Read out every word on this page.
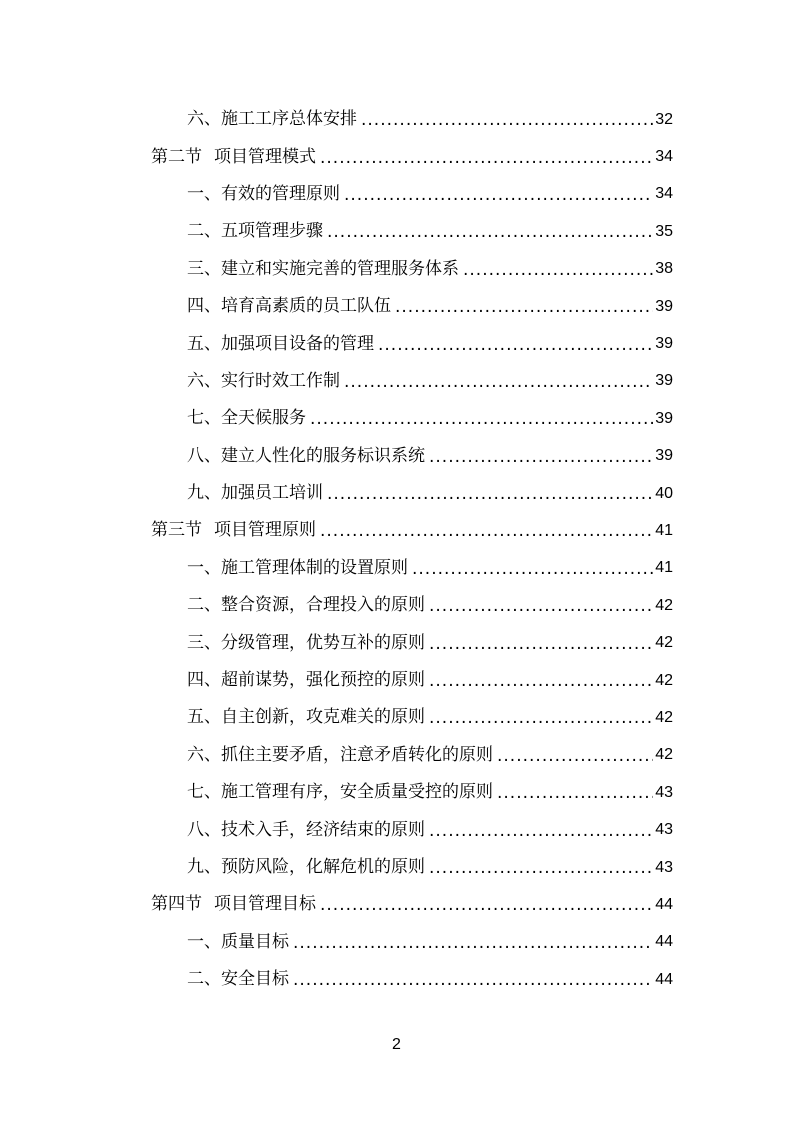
六、施工工序总体安排 .....	32
第二节 项目管理模式 .....	34
一、有效的管理原则 .....	34
二、五项管理步骤 .....	35
三、建立和实施完善的管理服务体系 .....	38
四、培育高素质的员工队伍 .....	39
五、加强项目设备的管理 .....	39
六、实行时效工作制 .....	39
七、全天候服务 .....	39
八、建立人性化的服务标识系统 .....	39
九、加强员工培训 .....	40
第三节 项目管理原则 .....	41
一、施工管理体制的设置原则 .....	41
二、整合资源，合理投入的原则 .....	42
三、分级管理，优势互补的原则 .....	42
四、超前谋势，强化预控的原则 .....	42
五、自主创新，攻克难关的原则 .....	42
六、抓住主要矛盾，注意矛盾转化的原则 .....	42
七、施工管理有序，安全质量受控的原则 .....	43
八、技术入手，经济结束的原则 .....	43
九、预防风险，化解危机的原则 .....	43
第四节 项目管理目标 .....	44
一、质量目标 .....	44
二、安全目标 .....	44
2
